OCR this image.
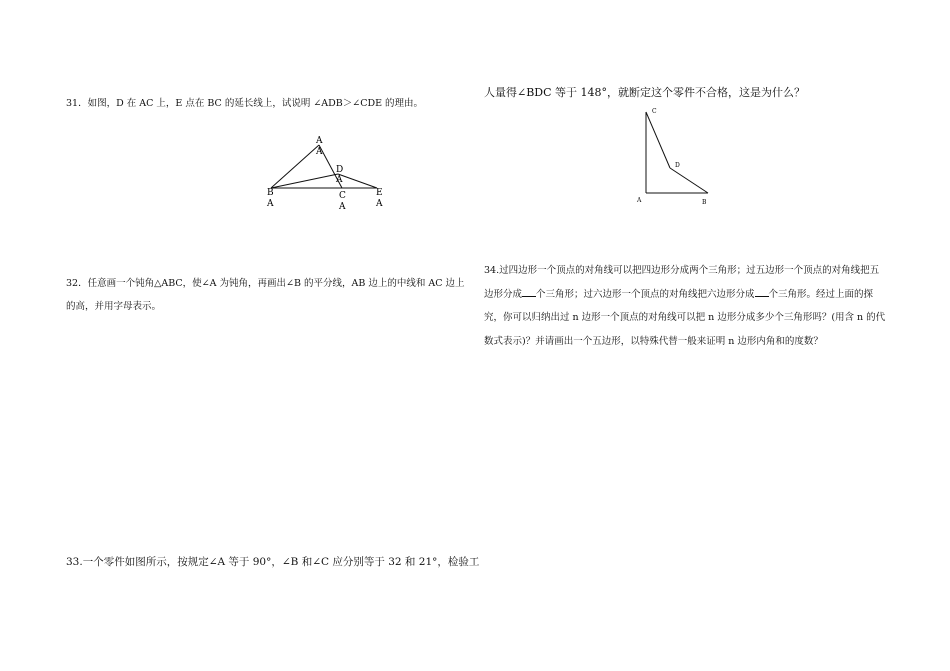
31．如图，D 在 AC 上，E 点在 BC 的延长线上，试说明 ∠ADB＞∠CDE 的理由。
A
A
D
A
B
A
C
A
E
A
32．任意画一个钝角△ABC，使∠A 为钝角，再画出∠B 的平分线，AB 边上的中线和 AC 边上
的高，并用字母表示。
33.一个零件如图所示，按规定∠A 等于 90°，∠B 和∠C 应分别等于 32 和 21°，检验工
人量得∠BDC 等于 148°，就断定这个零件不合格，这是为什么？
C
D
A	B
34.过四边形一个顶点的对角线可以把四边形分成两个三角形；过五边形一个顶点的对角线把五
边形分成 个三角形；过六边形一个顶点的对角线把六边形分成 个三角形。经过上面的探
究，你可以归纳出过 n 边形一个顶点的对角线可以把 n 边形分成多少个三角形吗？(用含 n 的代
数式表示)？并请画出一个五边形，以特殊代替一般来证明 n 边形内角和的度数？
